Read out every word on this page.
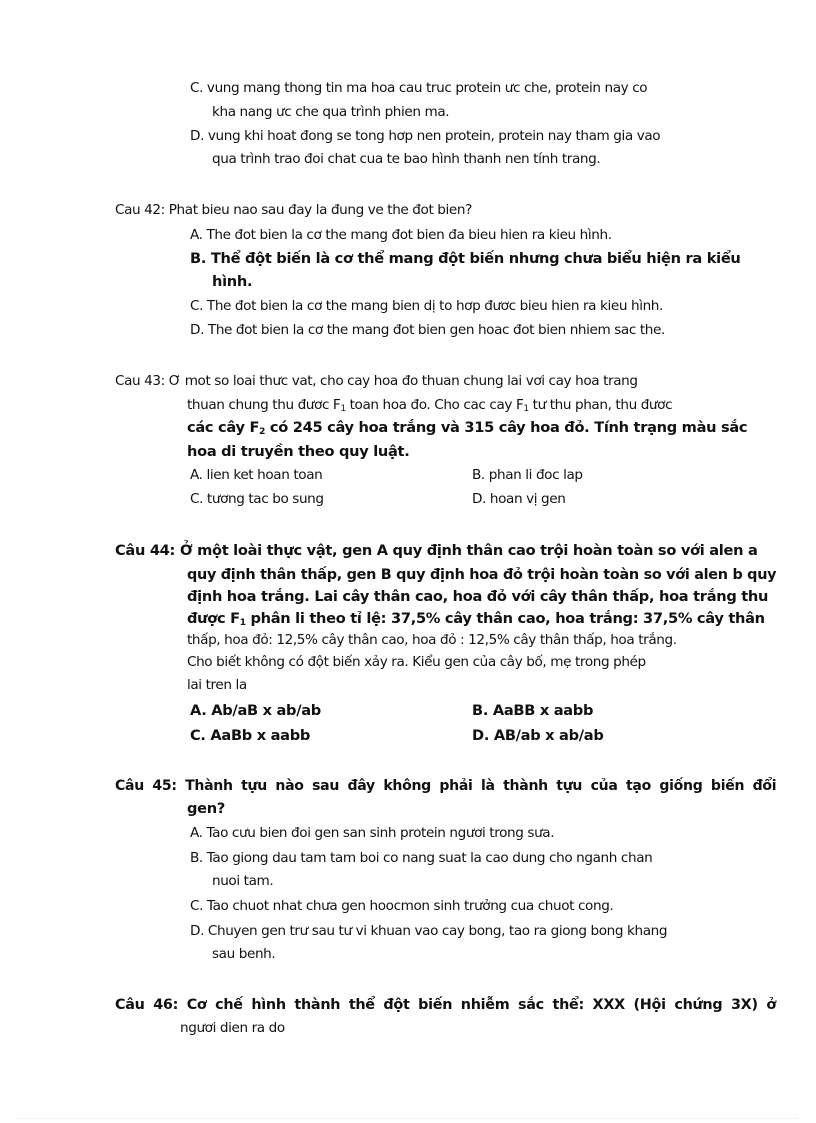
C. vung mang thong tin ma hoa cau truc protein ưc che, protein nay co
kha nang ưc che qua trình phien ma.
D. vung khi hoat đong se tong hơp nen protein, protein nay tham gia vao
qua trình trao đoi chat cua te bao hình thanh nen tính trang.
Cau 42: Phat bieu nao sau đay la đung ve the đot bien?
A. The đot bien la cơ the mang đot bien đa bieu hien ra kieu hình.
B. Thể đột biến là cơ thể mang đột biến nhưng chưa biểu hiện ra kiểu
hình.
C. The đot bien la cơ the mang bien dị to hơp đươc bieu hien ra kieu hình.
D. The đot bien la cơ the mang đot bien gen hoac đot bien nhiem sac the.
Cau 43: Ơ mot so loai thưc vat, cho cay hoa đo thuan chung lai vơi cay hoa trang
thuan chung thu đươc $F_1$ toan hoa đo. Cho cac cay $F_1$ tư thu phan, thu đươc
các cây $F_2$ có 245 cây hoa trắng và 315 cây hoa đỏ. Tính trạng màu sắc
hoa di truyền theo quy luật.
A. lien ket hoan toan	B. phan li đoc lap
C. tương tac bo sung	D. hoan vị gen
Câu 44: Ở một loài thực vật, gen A quy định thân cao trội hoàn toàn so với alen a
quy định thân thấp, gen B quy định hoa đỏ trội hoàn toàn so với alen b quy
định hoa trắng. Lai cây thân cao, hoa đỏ với cây thân thấp, hoa trắng thu
được $F_1$ phân li theo tỉ lệ: 37,5% cây thân cao, hoa trắng: 37,5% cây thân
thấp, hoa đỏ: 12,5% cây thân cao, hoa đỏ : 12,5% cây thân thấp, hoa trắng.
Cho biết không có đột biến xảy ra. Kiểu gen của cây bố, mẹ trong phép
lai tren la
A. Ab/aB x ab/ab	B. AaBB x aabb
C. AaBb x aabb	D. AB/ab x ab/ab
Câu 45: Thành tựu nào sau đây không phải là thành tựu của tạo giống biến đổi
gen?
A. Tao cưu bien đoi gen san sinh protein ngươi trong sưa.
B. Tao giong dau tam tam boi co nang suat la cao dung cho nganh chan
nuoi tam.
C. Tao chuot nhat chưa gen hoocmon sinh trưởng cua chuot cong.
D. Chuyen gen trư sau tư vi khuan vao cay bong, tao ra giong bong khang
sau benh.
Câu 46: Cơ chế hình thành thể đột biến nhiễm sắc thể: XXX (Hội chứng 3X) ở
ngươi dien ra do
